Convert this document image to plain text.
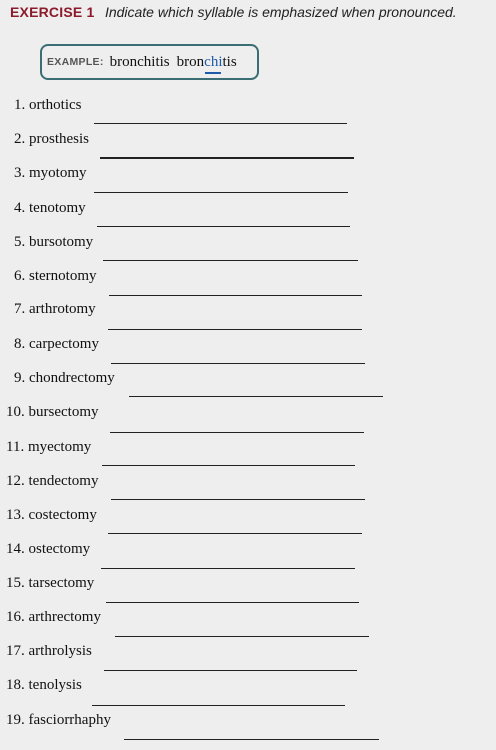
EXERCISE 1 Indicate which syllable is emphasized when pronounced.
EXAMPLE: bronchitis bronchitis
1. orthotics
2. prosthesis
3. myotomy
4. tenotomy
5. bursotomy
6. sternotomy
7. arthrotomy
8. carpectomy
9. chondrectomy
10. bursectomy
11. myectomy
12. tendectomy
13. costectomy
14. ostectomy
15. tarsectomy
16. arthrectomy
17. arthrolysis
18. tenolysis
19. fasciorrhaphy
